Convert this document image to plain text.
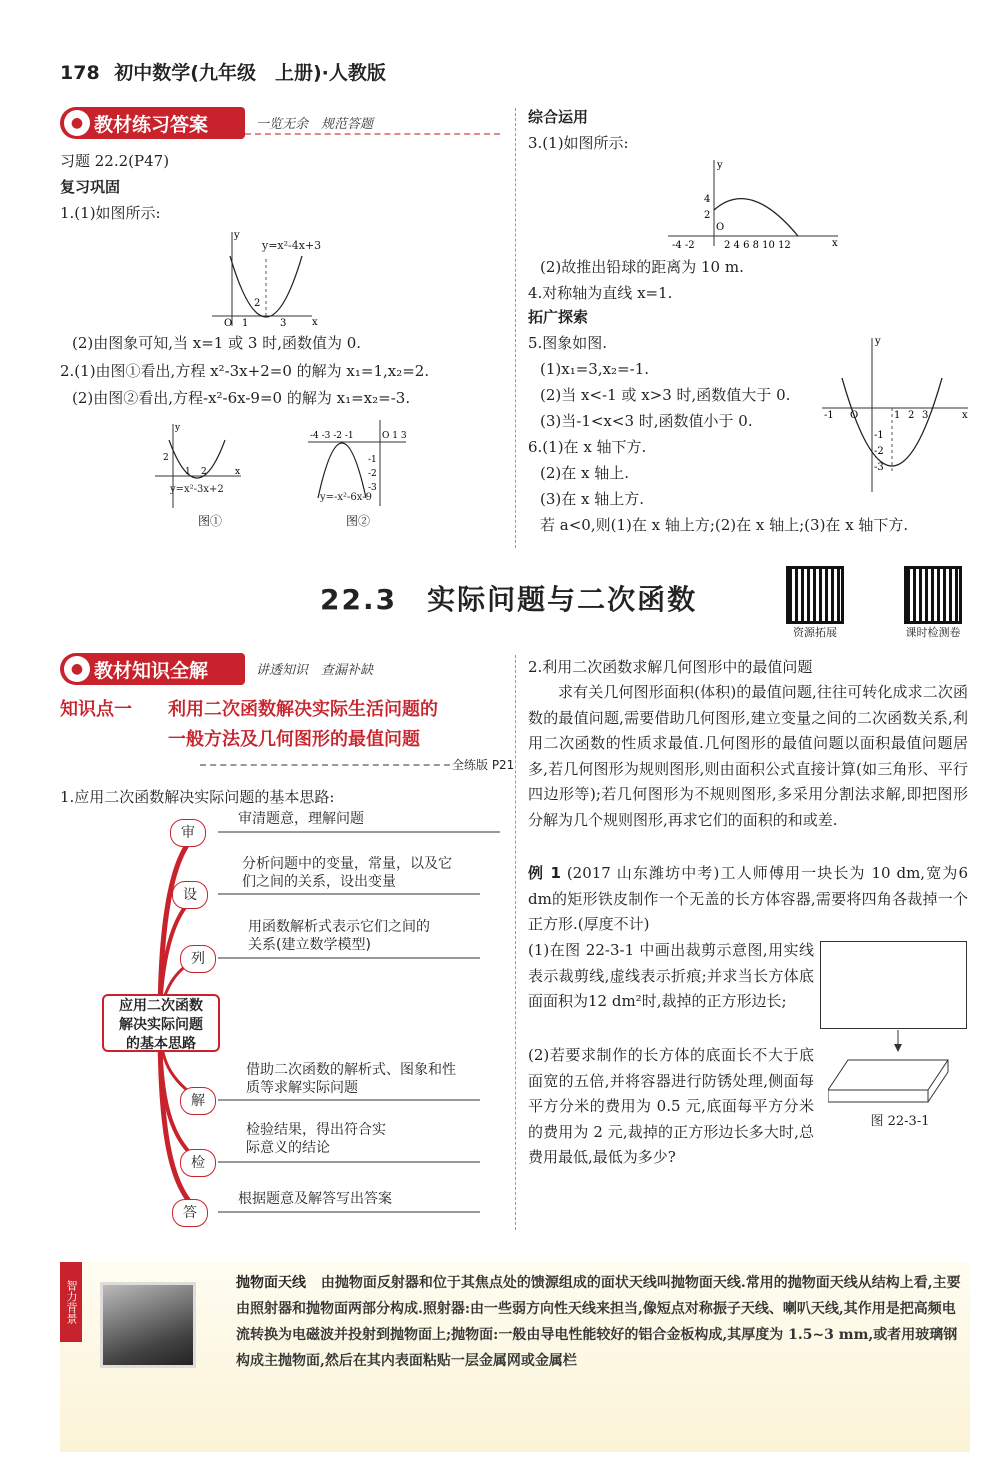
178 初中数学(九年级　上册)·人教版
● 教材练习答案	一览无余　规范答题
习题 22.2(P47)
复习巩固
1.(1)如图所示:
y
x
O 1	3
2
y=x²-4x+3
(2)由图象可知,当 x=1 或 3 时,函数值为 0.
2.(1)由图①看出,方程 x²-3x+2=0 的解为 x₁=1,x₂=2.
(2)由图②看出,方程-x²-6x-9=0 的解为 x₁=x₂=-3.
y
x
2
1 2
y=x²-3x+2
图①
-4 -3 -2 -1	O 1 3
-1
-2
-3
y=-x²-6x-9
图②
综合运用
3.(1)如图所示:
y
x
4
2
O
-4 -2	2 4 6 8 10 12
(2)故推出铅球的距离为 10 m.
4.对称轴为直线 x=1.
拓广探索
5.图象如图.
(1)x₁=3,x₂=-1.
(2)当 x<-1 或 x>3 时,函数值大于 0.
(3)当-1<x<3 时,函数值小于 0.
6.(1)在 x 轴下方.
(2)在 x 轴上.
(3)在 x 轴上方.
若 a<0,则(1)在 x 轴上方;(2)在 x 轴上;(3)在 x 轴下方.
y
x
-1 O	1 2 3
-1
-2
-3
22.3　实际问题与二次函数
资源拓展	课时检测卷
● 教材知识全解	讲透知识　查漏补缺
知识点一 利用二次函数解决实际生活问题的
一般方法及几何图形的最值问题
全练版 P21
1.应用二次函数解决实际问题的基本思路:
审
设
列
解
检
答
审清题意，理解问题
分析问题中的变量，常量，以及它们之间的关系，设出变量
用函数解析式表示它们之间的关系(建立数学模型)
借助二次函数的解析式、图象和性质等求解实际问题
检验结果，得出符合实际意义的结论
根据题意及解答写出答案
应用二次函数
解决实际问题
的基本思路
2.利用二次函数求解几何图形中的最值问题
求有关几何图形面积(体积)的最值问题,往往可转化成求二次函数的最值问题,需要借助几何图形,建立变量之间的二次函数关系,利用二次函数的性质求最值.几何图形的最值问题以面积最值问题居多,若几何图形为规则图形,则由面积公式直接计算(如三角形、平行四边形等);若几何图形为不规则图形,多采用分割法求解,即把图形分解为几个规则图形,再求它们的面积的和或差.
例 1 (2017 山东潍坊中考)工人师傅用一块长为 10 dm,宽为6 dm的矩形铁皮制作一个无盖的长方体容器,需要将四角各裁掉一个正方形.(厚度不计)
(1)在图 22-3-1 中画出裁剪示意图,用实线表示裁剪线,虚线表示折痕;并求当长方体底面面积为12 dm²时,裁掉的正方形边长;
(2)若要求制作的长方体的底面长不大于底面宽的五倍,并将容器进行防锈处理,侧面每平方分米的费用为 0.5 元,底面每平方分米的费用为 2 元,裁掉的正方形边长多大时,总费用最低,最低为多少?
图 22-3-1
智力背景	抛物面天线 由抛物面反射器和位于其焦点处的馈源组成的面状天线叫抛物面天线.常用的抛物面天线从结构上看,主要由照射器和抛物面两部分构成.照射器:由一些弱方向性天线来担当,像短点对称振子天线、喇叭天线,其作用是把高频电流转换为电磁波并投射到抛物面上;抛物面:一般由导电性能较好的铝合金板构成,其厚度为 1.5~3 mm,或者用玻璃钢构成主抛物面,然后在其内表面粘贴一层金属网或金属栏
